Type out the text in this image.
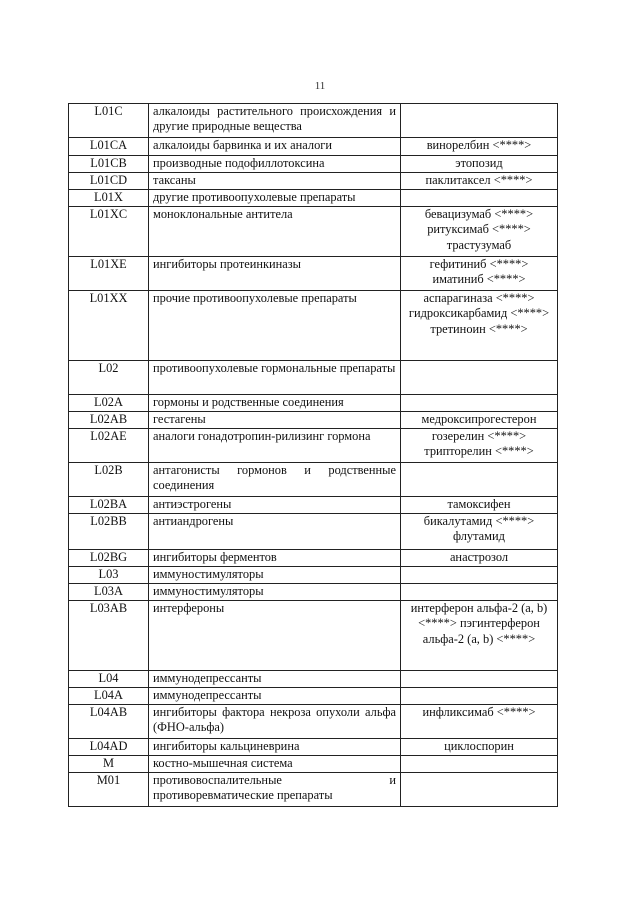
11
L01C	алкалоиды растительного происхождения и другие природные вещества	
L01CA	алкалоиды барвинка и их аналоги	винорелбин <****>
L01CB	производные подофиллотоксина	этопозид
L01CD	таксаны	паклитаксел <****>
L01X	другие противоопухолевые препараты	
L01XC	моноклональные антитела	бевацизумаб <****> ритуксимаб <****> трастузумаб
L01XE	ингибиторы протеинкиназы	гефитиниб <****> иматиниб <****>
L01XX	прочие противоопухолевые препараты	аспарагиназа <****> гидроксикарбамид <****> третиноин <****>
L02	противоопухолевые гормональные препараты	
L02A	гормоны и родственные соединения	
L02AB	гестагены	медроксипрогестерон
L02AE	аналоги гонадотропин-рилизинг гормона	гозерелин <****> трипторелин <****>
L02B	антагонисты гормонов и родственные соединения	
L02BA	антиэстрогены	тамоксифен
L02BB	антиандрогены	бикалутамид <****> флутамид
L02BG	ингибиторы ферментов	анастрозол
L03	иммуностимуляторы	
L03A	иммуностимуляторы	
L03AB	интерфероны	интерферон альфа-2 (a, b) <****> пэгинтерферон альфа-2 (a, b) <****>
L04	иммунодепрессанты	
L04A	иммунодепрессанты	
L04AB	ингибиторы фактора некроза опухоли альфа (ФНО-альфа)	инфликсимаб <****>
L04AD	ингибиторы кальциневрина	циклоспорин
M	костно-мышечная система	
M01	противовоспалительные и противоревматические препараты	
